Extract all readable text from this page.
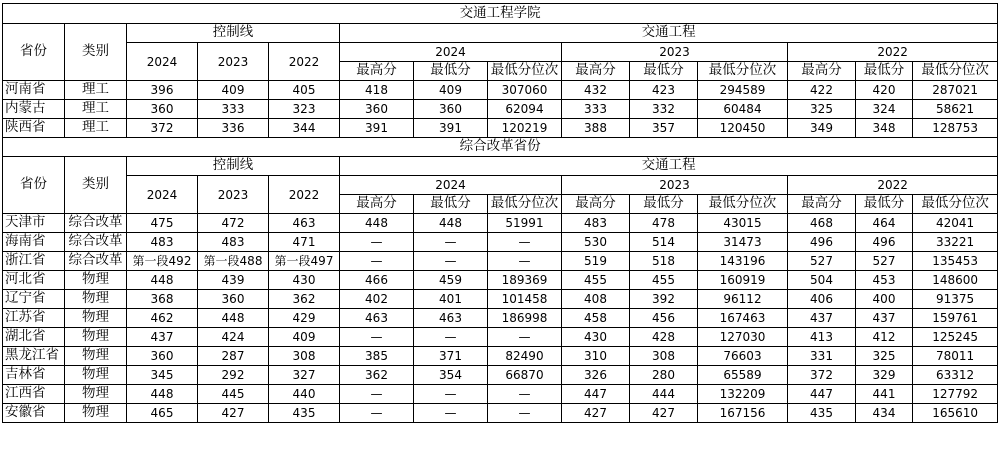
交通工程学院													
省份	类别	控制线			交通工程								
		2024	2023	2022	2024			2023			2022		
					最高分	最低分	最低分位次	最高分	最低分	最低分位次	最高分	最低分	最低分位次
河南省	理工	396	409	405	418	409	307060	432	423	294589	422	420	287021
内蒙古	理工	360	333	323	360	360	62094	333	332	60484	325	324	58621
陕西省	理工	372	336	344	391	391	120219	388	357	120450	349	348	128753
综合改革省份													
省份	类别	控制线			交通工程								
		2024	2023	2022	2024			2023			2022		
					最高分	最低分	最低分位次	最高分	最低分	最低分位次	最高分	最低分	最低分位次
天津市	综合改革	475	472	463	448	448	51991	483	478	43015	468	464	42041
海南省	综合改革	483	483	471	—	—	—	530	514	31473	496	496	33221
浙江省	综合改革	第一段492	第一段488	第一段497	—	—	—	519	518	143196	527	527	135453
河北省	物理	448	439	430	466	459	189369	455	455	160919	504	453	148600
辽宁省	物理	368	360	362	402	401	101458	408	392	96112	406	400	91375
江苏省	物理	462	448	429	463	463	186998	458	456	167463	437	437	159761
湖北省	物理	437	424	409	—	—	—	430	428	127030	413	412	125245
黑龙江省	物理	360	287	308	385	371	82490	310	308	76603	331	325	78011
吉林省	物理	345	292	327	362	354	66870	326	280	65589	372	329	63312
江西省	物理	448	445	440	—	—	—	447	444	132209	447	441	127792
安徽省	物理	465	427	435	—	—	—	427	427	167156	435	434	165610
